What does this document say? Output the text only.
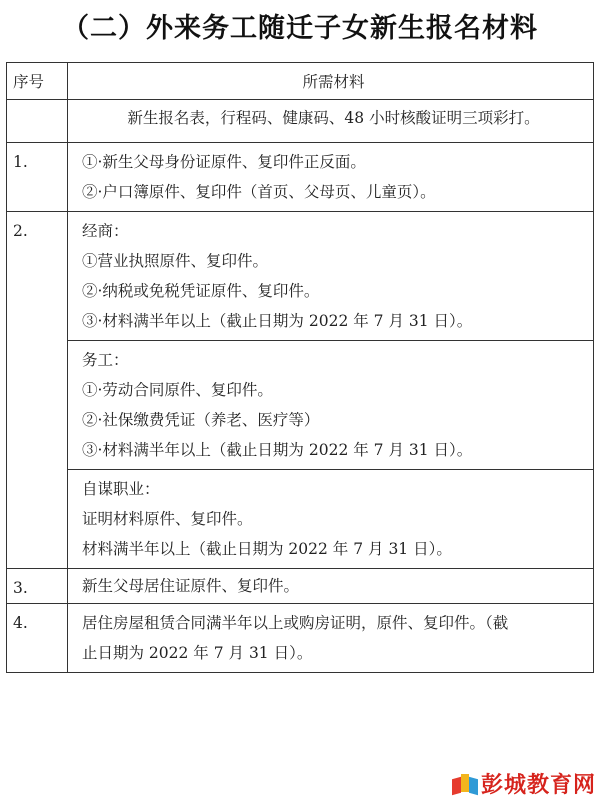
（二）外来务工随迁子女新生报名材料
序号	所需材料

	新生报名表，行程码、健康码、48 小时核酸证明三项彩打。

1.	①·新生父母身份证原件、复印件正反面。
②·户口簿原件、复印件（首页、父母页、儿童页）。

2.	经商：
①营业执照原件、复印件。
②·纳税或免税凭证原件、复印件。
③·材料满半年以上（截止日期为 2022 年 7 月 31 日）。

	务工：
①·劳动合同原件、复印件。
②·社保缴费凭证（养老、医疗等）
③·材料满半年以上（截止日期为 2022 年 7 月 31 日）。

	自谋职业：
证明材料原件、复印件。
材料满半年以上（截止日期为 2022 年 7 月 31 日）。

3.	新生父母居住证原件、复印件。

4.	居住房屋租赁合同满半年以上或购房证明，原件、复印件。（截
止日期为 2022 年 7 月 31 日）。
彭城教育网
